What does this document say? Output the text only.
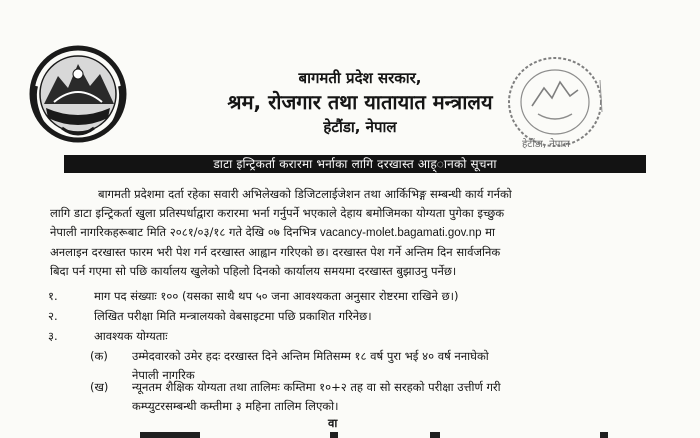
बागमती प्रदेश सरकार,
श्रम, रोजगार तथा यातायात मन्त्रालय
हेटौंडा, नेपाल
हेटौंडा, नेपाल
डाटा इन्ट्रिकर्ता करारमा भर्नाका लागि दरखास्त आह्ानको सूचना
बागमती प्रदेशमा दर्ता रहेका सवारी अभिलेखको डिजिटलाईजेशन तथा आर्किभिङ्ग सम्बन्धी कार्य गर्नको
लागि डाटा इन्ट्रिकर्ता खुला प्रतिस्पर्धाद्वारा करारमा भर्ना गर्नुपर्ने भएकाले देहाय बमोजिमका योग्यता पुगेका इच्छुक
नेपाली नागरिकहरूबाट मिति २०८१/०३/१८ गते देखि ०७ दिनभित्र vacancy-molet.bagamati.gov.np मा
अनलाइन दरखास्त फारम भरी पेश गर्न दरखास्त आह्वान गरिएको छ। दरखास्त पेश गर्ने अन्तिम दिन सार्वजनिक
बिदा पर्न गएमा सो पछि कार्यालय खुलेको पहिलो दिनको कार्यालय समयमा दरखास्त बुझाउनु पर्नेछ।
१.	माग पद संख्याः १०० (यसका साथै थप ५० जना आवश्यकता अनुसार रोष्टरमा राखिने छ।)
२.	लिखित परीक्षा मिति मन्त्रालयको वेबसाइटमा पछि प्रकाशित गरिनेछ।
३.	आवश्यक योग्यताः
(क)	उम्मेदवारको उमेर हदः दरखास्त दिने अन्तिम मितिसम्म १८ वर्ष पुरा भई ४० वर्ष ननाघेको
नेपाली नागरिक
(ख)	न्यूनतम शैक्षिक योग्यता तथा तालिमः कम्तिमा १०+२ तह वा सो सरहको परीक्षा उत्तीर्ण गरी
कम्प्युटरसम्बन्धी कम्तीमा ३ महिना तालिम लिएको।
वा
